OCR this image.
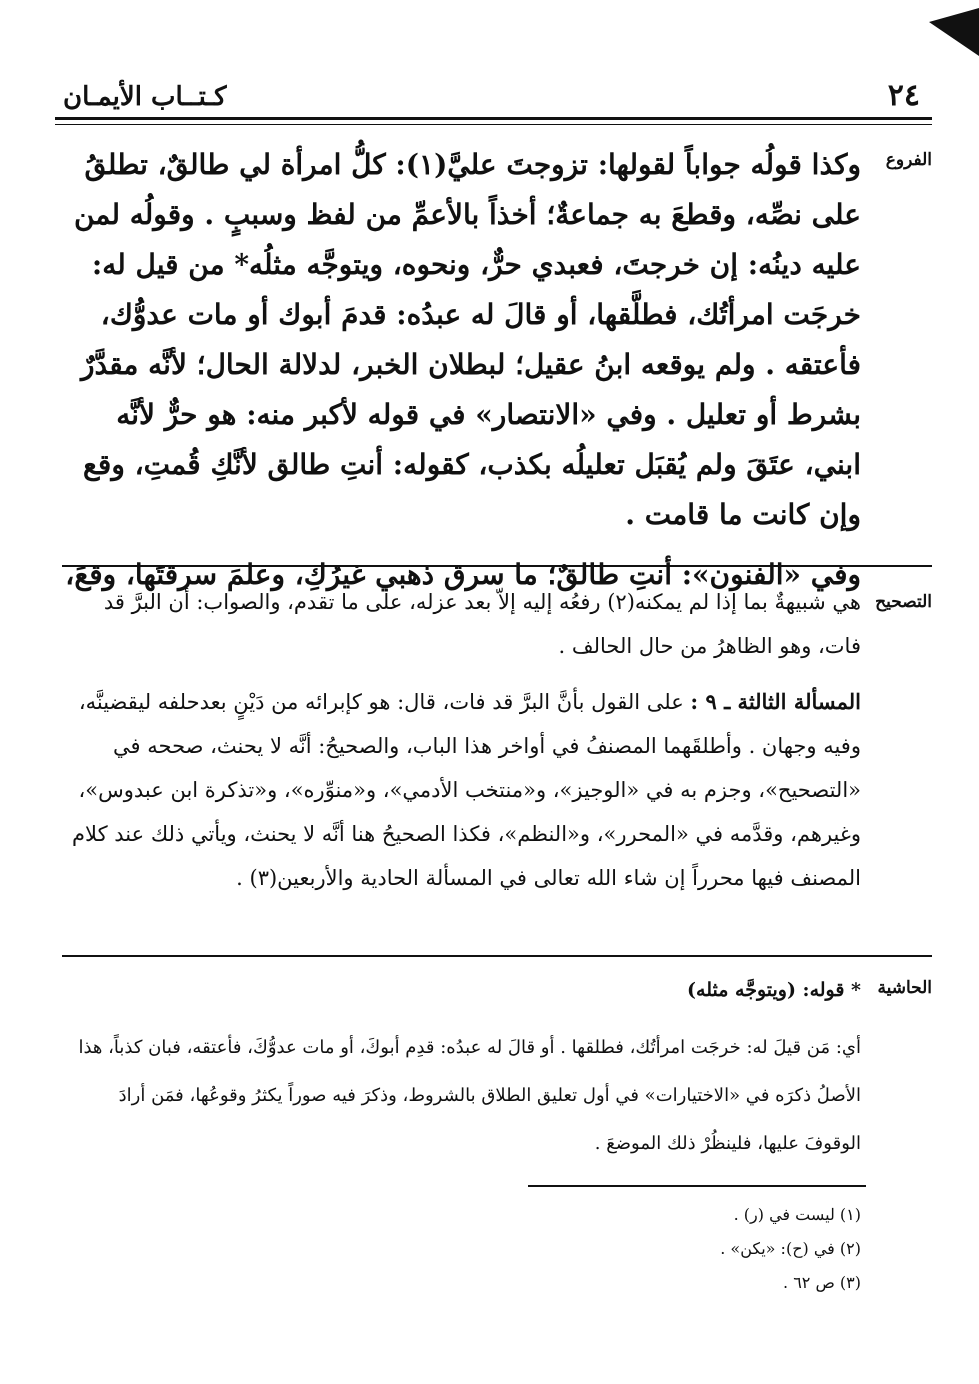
كـتــاب الأيمـان	٢٤
الفروع

وكذا قولُه جواباً لقولها: تزوجتَ عليَّ(١): كلُّ امرأة لي طالقٌ، تطلقُ على نصِّه، وقطعَ به جماعةٌ؛ أخذاً بالأعمِّ من لفظ وسببٍ . وقولُه لمن عليه دينُه: إن خرجتَ، فعبدي حرٌّ، ونحوه، ويتوجَّه مثلُه* من قيل له: خرجَت امرأتُك، فطلَّقها، أو قالَ له عبدُه: قدمَ أبوك أو مات عدوُّك، فأعتقه . ولم يوقعه ابنُ عقيل؛ لبطلان الخبر، لدلالة الحال؛ لأنَّه مقدَّرٌ بشرط أو تعليل . وفي «الانتصار» في قوله لأكبر منه: هو حرٌّ لأنَّه ابني، عتَقَ ولم يُقبَل تعليلُه بكذب، كقوله: أنتِ طالق لأنَّكِ قُمتِ، وقع وإن كانت ما قامت .

وفي «الفنون»: أنتِ طالقٌ؛ ما سرق ذهبي غيرُكِ، وعلمَ سرقتَها، وقعَ،

التصحيح

هي شبيهةٌ بما إذا لم يمكنه(٢) رفعُه إليه إلاّ بعد عزله، على ما تقدم، والصواب: أن البرَّ قد فات، وهو الظاهرُ من حال الحالف .

المسألة الثالثة ـ ٩ : على القول بأنَّ البرَّ قد فات، قال: هو كإبرائه من دَيْنٍ بعدحلفه ليقضينَّه، وفيه وجهان . وأطلقَهما المصنفُ في أواخر هذا الباب، والصحيحُ: أنَّه لا يحنث، صححه في «التصحيح»، وجزم به في «الوجيز»، و«منتخب الأدمي»، و«منوِّره»، و«تذكرة ابن عبدوس»، وغيرهم، وقدَّمه في «المحرر»، و«النظم»، فكذا الصحيحُ هنا أنَّه لا يحنث، ويأتي ذلك عند كلام المصنف فيها محرراً إن شاء الله تعالى في المسألة الحادية والأربعين(٣) .

الحاشية
* قوله: (ويتوجَّه مثله)

أي: مَن قيلَ له: خرجَت امرأتُك، فطلقها . أو قالَ له عبدُه: قدِم أبوكَ، أو مات عدوُّكَ، فأعتقه، فبان كذباً، هذا الأصلُ ذكرَه في «الاختيارات» في أول تعليق الطلاق بالشروط، وذكرَ فيه صوراً يكثرُ وقوعُها، فمَن أرادَ الوقوفَ عليها، فلينظُرْ ذلك الموضعَ .

(١) ليست في (ر) .
(٢) في (ح): «يكن» .
(٣) ص ٦٢ .
